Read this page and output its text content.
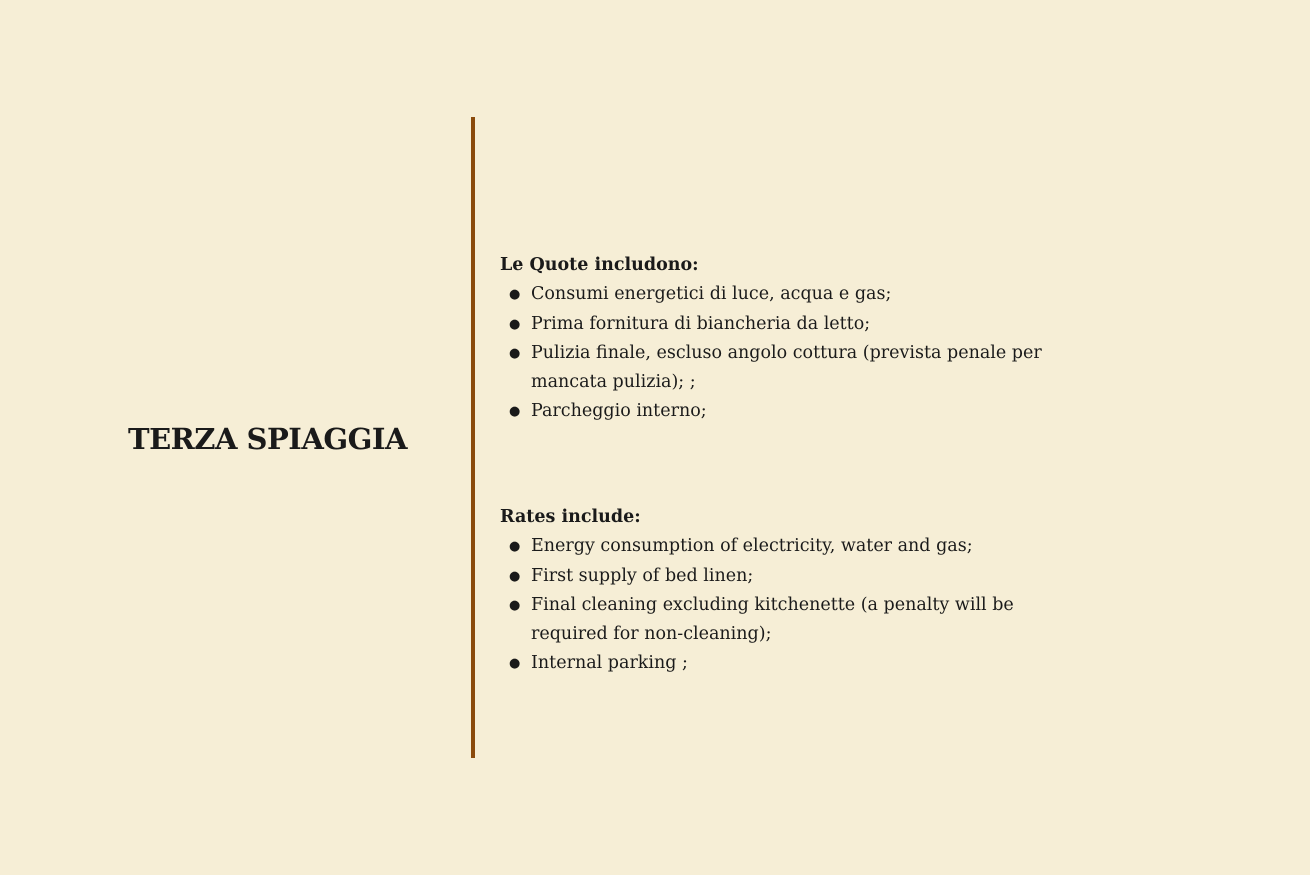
TERZA SPIAGGIA
Le Quote includono:
● Consumi energetici di luce, acqua e gas;
● Prima fornitura di biancheria da letto;
● Pulizia finale, escluso angolo cottura (prevista penale per mancata pulizia); ;
● Parcheggio interno;
Rates include:
● Energy consumption of electricity, water and gas;
● First supply of bed linen;
● Final cleaning excluding kitchenette (a penalty will be required for non-cleaning);
● Internal parking ;
